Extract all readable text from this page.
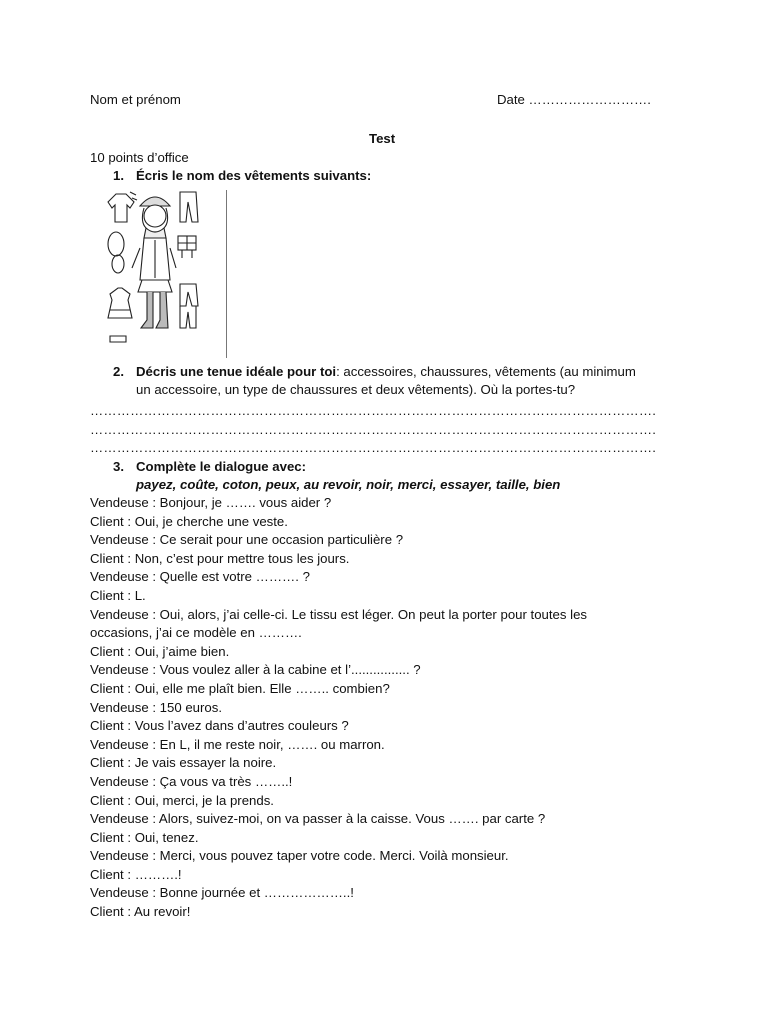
Nom et prénom	Date ……………………….
Test
10 points d’office
1. Écris le nom des vêtements suivants:
2. Décris une tenue idéale pour toi: accessoires, chaussures, vêtements (au minimum
un accessoire, un type de chaussures et deux vêtements). Où la portes-tu?
……………………………………………………………………………………………………………….
……………………………………………………………………………………………………………….
……………………………………………………………………………………………………………….
3. Complète le dialogue avec:
payez, coûte, coton, peux, au revoir, noir, merci, essayer, taille, bien
Vendeuse : Bonjour, je ……. vous aider ?
Client : Oui, je cherche une veste.
Vendeuse : Ce serait pour une occasion particulière ?
Client : Non, c’est pour mettre tous les jours.
Vendeuse : Quelle est votre ………. ?
Client : L.
Vendeuse : Oui, alors, j’ai celle-ci. Le tissu est léger. On peut la porter pour toutes les
occasions, j’ai ce modèle en ……….
Client : Oui, j’aime bien.
Vendeuse : Vous voulez aller à la cabine et l’................ ?
Client : Oui, elle me plaît bien. Elle …….. combien?
Vendeuse : 150 euros.
Client : Vous l’avez dans d’autres couleurs ?
Vendeuse : En L, il me reste noir, ……. ou marron.
Client : Je vais essayer la noire.
Vendeuse : Ça vous va très ……..!
Client : Oui, merci, je la prends.
Vendeuse : Alors, suivez-moi, on va passer à la caisse. Vous ……. par carte ?
Client : Oui, tenez.
Vendeuse : Merci, vous pouvez taper votre code. Merci. Voilà monsieur.
Client : ……….!
Vendeuse : Bonne journée et ………………..!
Client : Au revoir!
